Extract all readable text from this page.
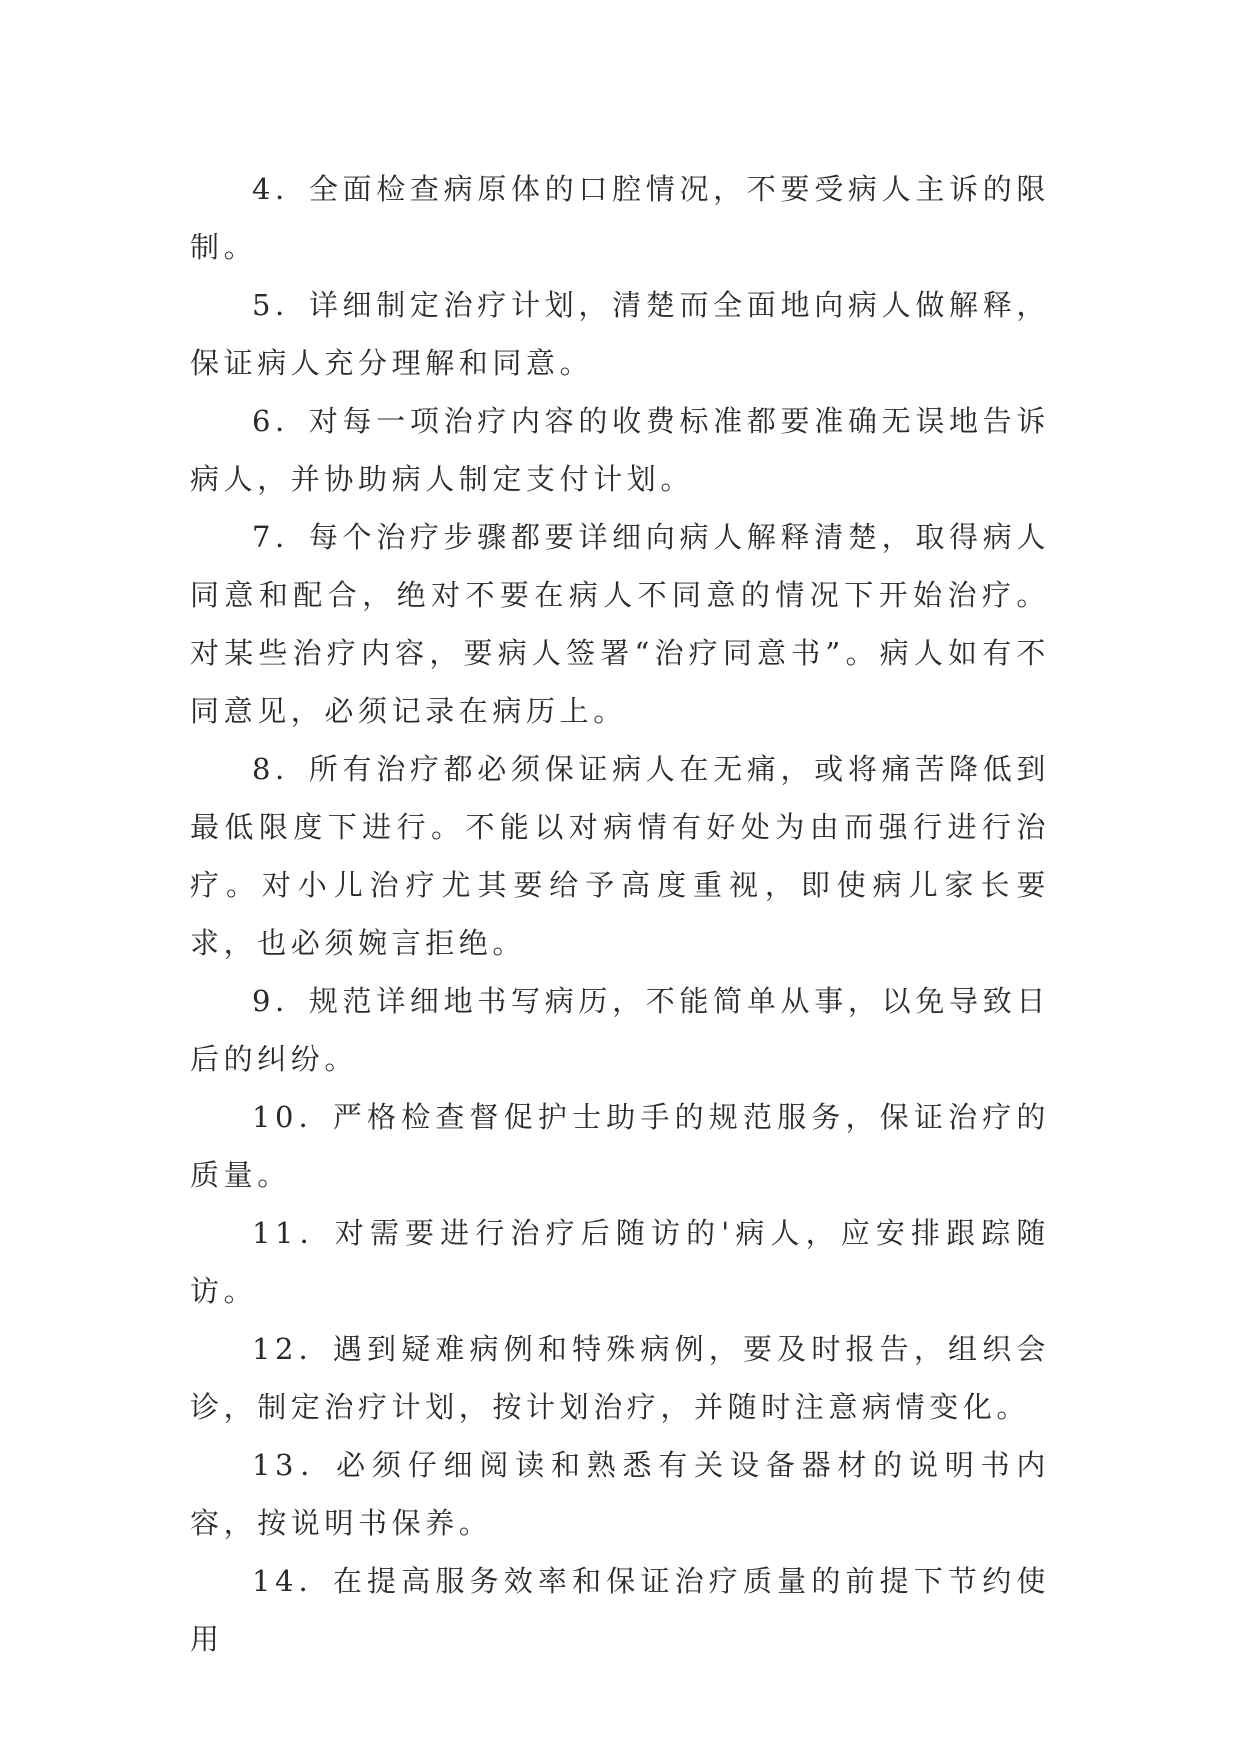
4．全面检查病原体的口腔情况，不要受病人主诉的限制。

5．详细制定治疗计划，清楚而全面地向病人做解释，保证病人充分理解和同意。

6．对每一项治疗内容的收费标准都要准确无误地告诉病人，并协助病人制定支付计划。

7．每个治疗步骤都要详细向病人解释清楚，取得病人同意和配合，绝对不要在病人不同意的情况下开始治疗。对某些治疗内容，要病人签署“治疗同意书”。病人如有不同意见，必须记录在病历上。

8．所有治疗都必须保证病人在无痛，或将痛苦降低到最低限度下进行。不能以对病情有好处为由而强行进行治疗。对小儿治疗尤其要给予高度重视，即使病儿家长要求，也必须婉言拒绝。

9．规范详细地书写病历，不能简单从事，以免导致日后的纠纷。

10．严格检查督促护士助手的规范服务，保证治疗的质量。

11．对需要进行治疗后随访的'病人，应安排跟踪随访。

12．遇到疑难病例和特殊病例，要及时报告，组织会诊，制定治疗计划，按计划治疗，并随时注意病情变化。

13．必须仔细阅读和熟悉有关设备器材的说明书内容，按说明书保养。

14．在提高服务效率和保证治疗质量的前提下节约使用
